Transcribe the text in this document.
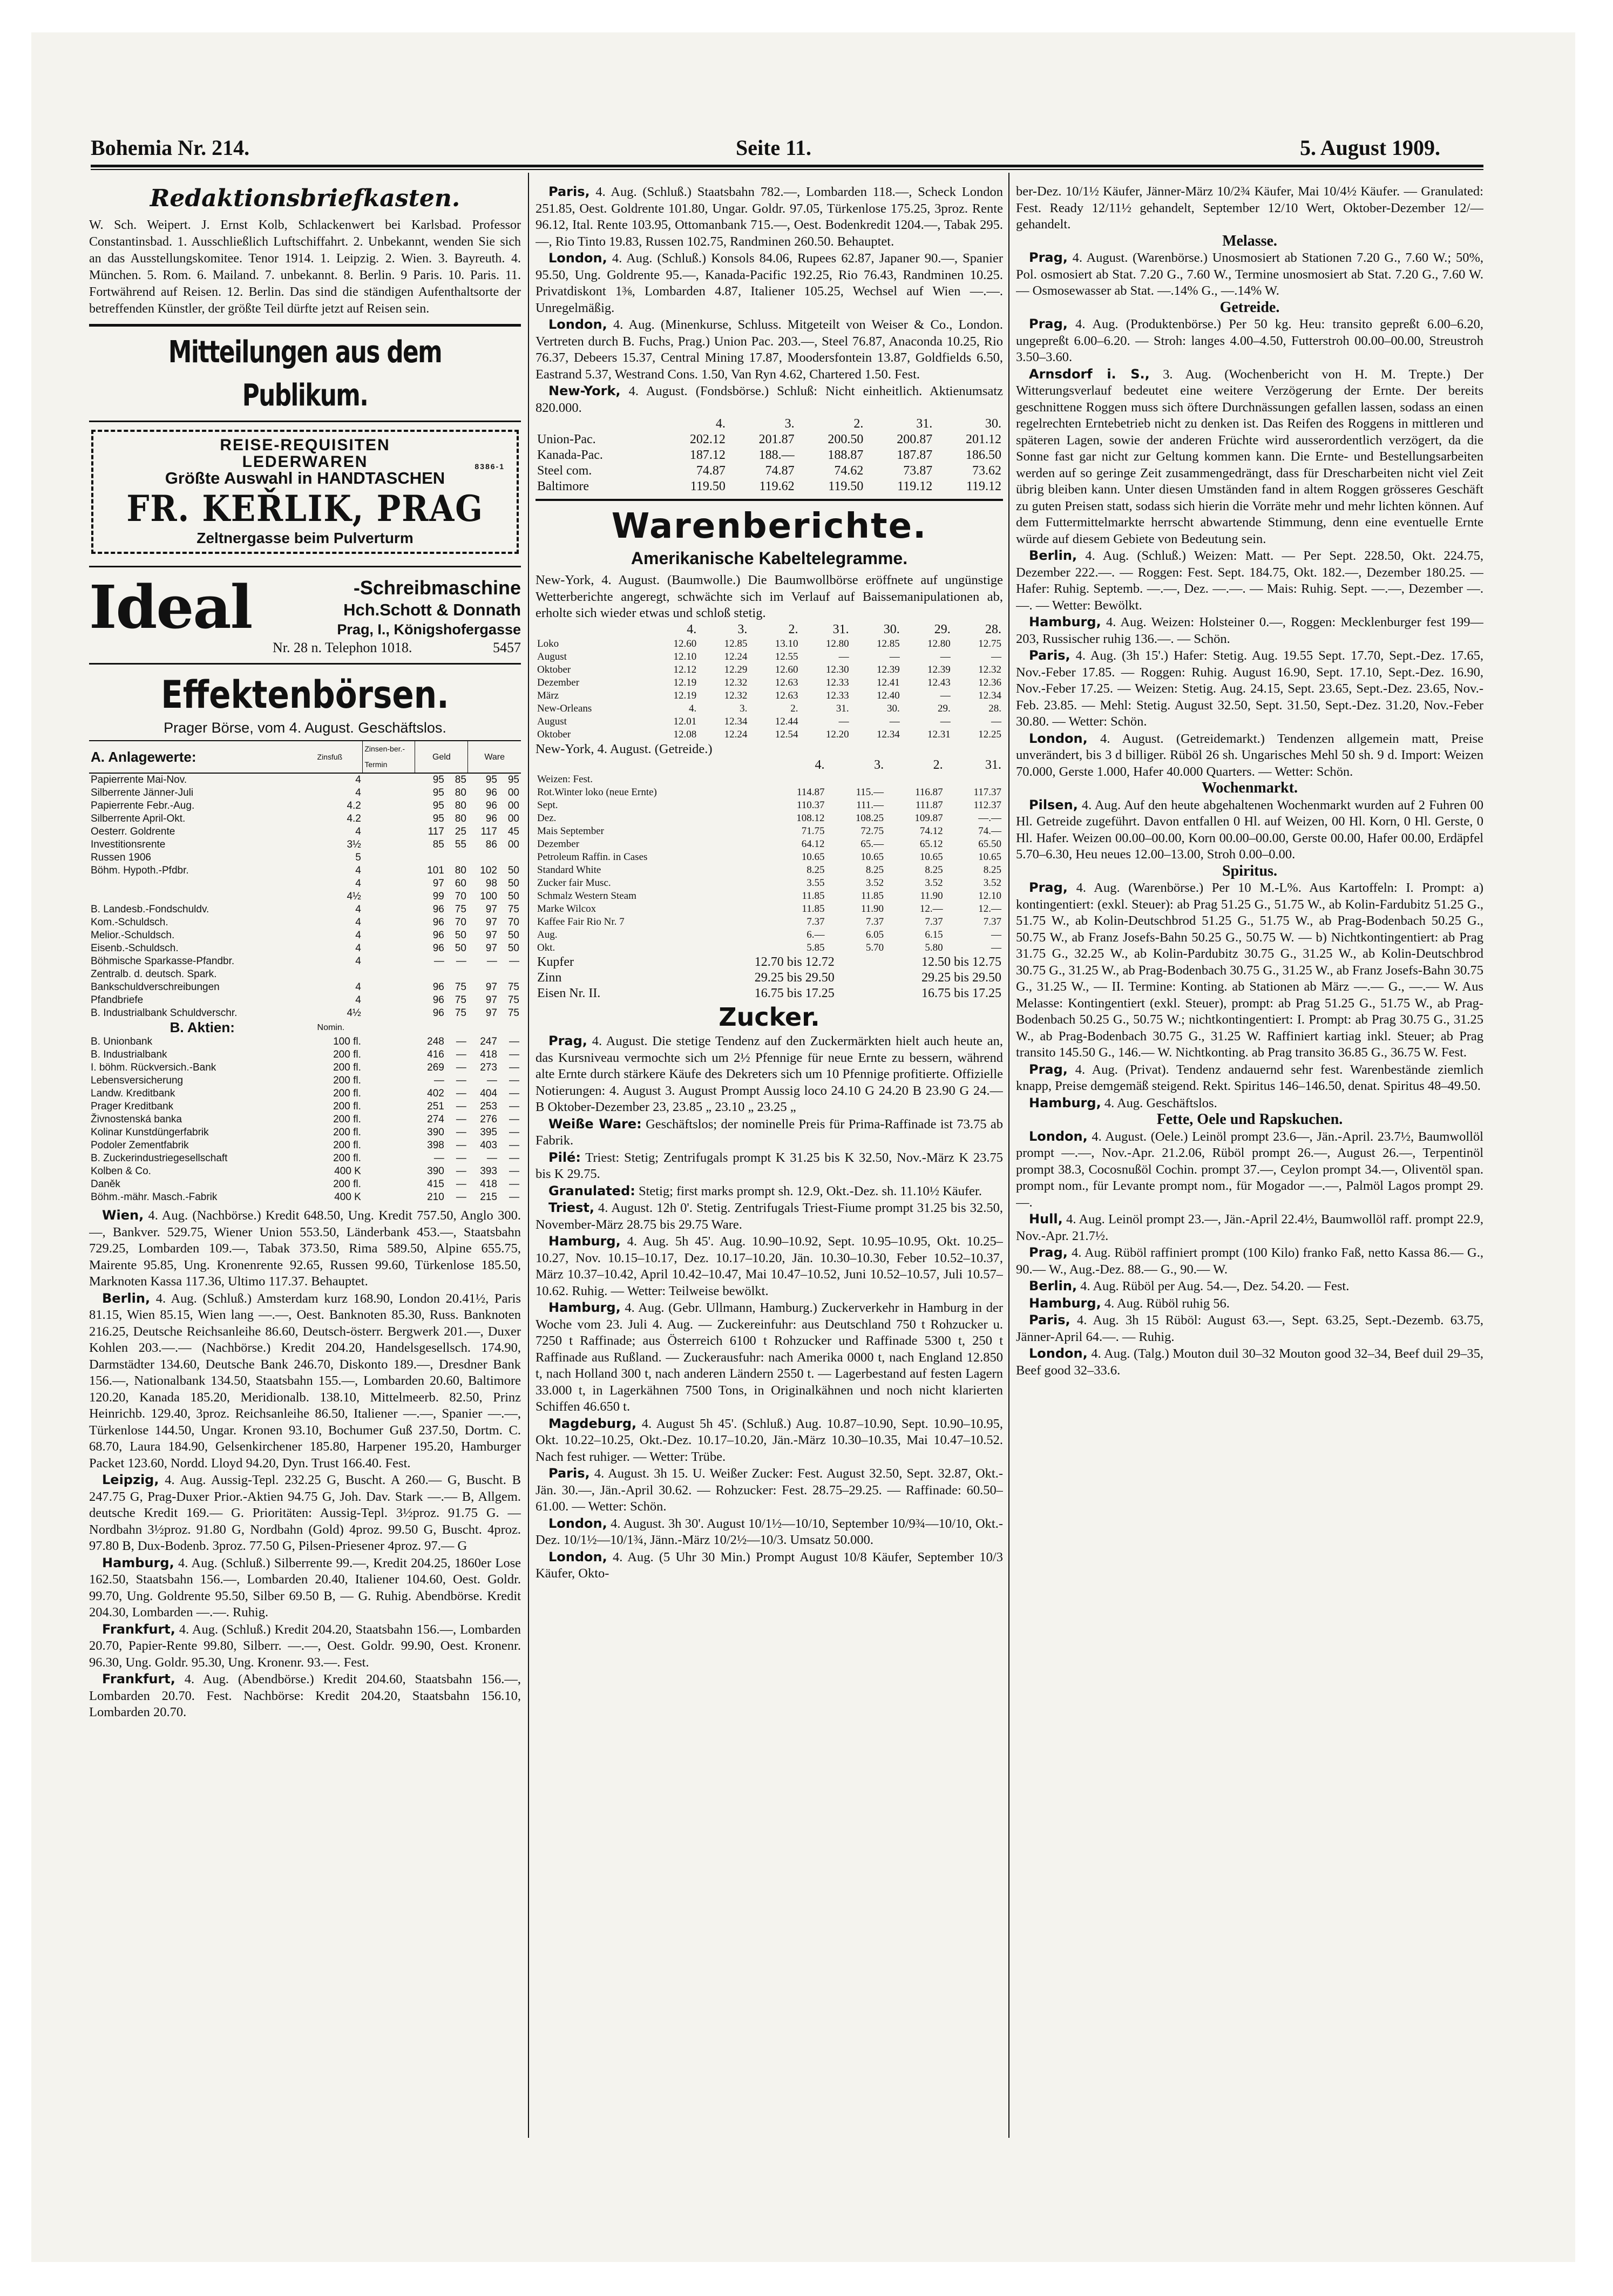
Bohemia Nr. 214.	Seite 11.	5. August 1909.
Redaktionsbriefkasten.

W. Sch. Weipert. J. Ernst Kolb, Schlackenwert bei Karlsbad. Professor Constantinsbad. 1. Ausschließlich Luftschiffahrt. 2. Unbekannt, wenden Sie sich an das Ausstellungskomitee. Tenor 1914. 1. Leipzig. 2. Wien. 3. Bayreuth. 4. München. 5. Rom. 6. Mailand. 7. unbekannt. 8. Berlin. 9 Paris. 10. Paris. 11. Fortwährend auf Reisen. 12. Berlin. Das sind die ständigen Aufenthaltsorte der betreffenden Künstler, der größte Teil dürfte jetzt auf Reisen sein.

Mitteilungen aus dem Publikum.
REISE-REQUISITEN
LEDERWAREN	8386-1
Größte Auswahl in HANDTASCHEN
FR. KEŘLIK, PRAG
Zeltnergasse beim Pulverturm
Ideal	-Schreibmaschine
Hch.Schott & Donnath
Prag, I., Königshofergasse
Nr. 28 n. Telephon 1018.	5457
Effektenbörsen.
Prager Börse, vom 4. August. Geschäftslos.
A. Anlagewerte:	Zinsfuß	Zinsen-ber.-Termin	Geld		Ware	
Papierrente Mai-Nov.	4		95	85	95	95
Silberrente Jänner-Juli	4		95	80	96	00
Papierrente Febr.-Aug.	4.2		95	80	96	00
Silberrente April-Okt.	4.2		95	80	96	00
Oesterr. Goldrente	4		117	25	117	45
Investitionsrente	3½		85	55	86	00
Russen 1906	5					
Böhm. Hypoth.-Pfdbr.	4		101	80	102	50
	4		97	60	98	50
	4½		99	70	100	50
B. Landesb.-Fondschuldv.	4		96	75	97	75
Kom.-Schuldsch.	4		96	70	97	70
Melior.-Schuldsch.	4		96	50	97	50
Eisenb.-Schuldsch.	4		96	50	97	50
Böhmische Sparkasse-Pfandbr.	4		—	—	—	—
Zentralb. d. deutsch. Spark.						
Bankschuldverschreibungen	4		96	75	97	75
Pfandbriefe	4		96	75	97	75
B. Industrialbank Schuldverschr.	4½		96	75	97	75
B. Aktien:	Nomin.					
B. Unionbank	100 fl.		248	—	247	—
B. Industrialbank	200 fl.		416	—	418	—
I. böhm. Rückversich.-Bank	200 fl.		269	—	273	—
Lebensversicherung	200 fl.		—	—	—	—
Landw. Kreditbank	200 fl.		402	—	404	—
Prager Kreditbank	200 fl.		251	—	253	—
Živnostenská banka	200 fl.		274	—	276	—
Kolinar Kunstdüngerfabrik	200 fl.		390	—	395	—
Podoler Zementfabrik	200 fl.		398	—	403	—
B. Zuckerindustriegesellschaft	200 fl.		—	—	—	—
Kolben & Co.	400 K		390	—	393	—
Daněk	200 fl.		415	—	418	—
Böhm.-mähr. Masch.-Fabrik	400 K		210	—	215	—

Wien, 4. Aug. (Nachbörse.) Kredit 648.50, Ung. Kredit 757.50, Anglo 300.—, Bankver. 529.75, Wiener Union 553.50, Länderbank 453.—, Staatsbahn 729.25, Lombarden 109.—, Tabak 373.50, Rima 589.50, Alpine 655.75, Mairente 95.85, Ung. Kronenrente 92.65, Russen 99.60, Türkenlose 185.50, Marknoten Kassa 117.36, Ultimo 117.37. Behauptet.

Berlin, 4. Aug. (Schluß.) Amsterdam kurz 168.90, London 20.41½, Paris 81.15, Wien 85.15, Wien lang —.—, Oest. Banknoten 85.30, Russ. Banknoten 216.25, Deutsche Reichsanleihe 86.60, Deutsch-österr. Bergwerk 201.—, Duxer Kohlen 203.—.— (Nachbörse.) Kredit 204.20, Handelsgesellsch. 174.90, Darmstädter 134.60, Deutsche Bank 246.70, Diskonto 189.—, Dresdner Bank 156.—, Nationalbank 134.50, Staatsbahn 155.—, Lombarden 20.60, Baltimore 120.20, Kanada 185.20, Meridionalb. 138.10, Mittelmeerb. 82.50, Prinz Heinrichb. 129.40, 3proz. Reichsanleihe 86.50, Italiener —.—, Spanier —.—, Türkenlose 144.50, Ungar. Kronen 93.10, Bochumer Guß 237.50, Dortm. C. 68.70, Laura 184.90, Gelsenkirchener 185.80, Harpener 195.20, Hamburger Packet 123.60, Nordd. Lloyd 94.20, Dyn. Trust 166.40. Fest.

Leipzig, 4. Aug. Aussig-Tepl. 232.25 G, Buscht. A 260.— G, Buscht. B 247.75 G, Prag-Duxer Prior.-Aktien 94.75 G, Joh. Dav. Stark —.— B, Allgem. deutsche Kredit 169.— G. Prioritäten: Aussig-Tepl. 3½proz. 91.75 G. — Nordbahn 3½proz. 91.80 G, Nordbahn (Gold) 4proz. 99.50 G, Buscht. 4proz. 97.80 B, Dux-Bodenb. 3proz. 77.50 G, Pilsen-Priesener 4proz. 97.— G

Hamburg, 4. Aug. (Schluß.) Silberrente 99.—, Kredit 204.25, 1860er Lose 162.50, Staatsbahn 156.—, Lombarden 20.40, Italiener 104.60, Oest. Goldr. 99.70, Ung. Goldrente 95.50, Silber 69.50 B, — G. Ruhig. Abendbörse. Kredit 204.30, Lombarden —.—. Ruhig.

Frankfurt, 4. Aug. (Schluß.) Kredit 204.20, Staatsbahn 156.—, Lombarden 20.70, Papier-Rente 99.80, Silberr. —.—, Oest. Goldr. 99.90, Oest. Kronenr. 96.30, Ung. Goldr. 95.30, Ung. Kronenr. 93.—. Fest.

Frankfurt, 4. Aug. (Abendbörse.) Kredit 204.60, Staatsbahn 156.—, Lombarden 20.70. Fest. Nachbörse: Kredit 204.20, Staatsbahn 156.10, Lombarden 20.70.

Paris, 4. Aug. (Schluß.) Staatsbahn 782.—, Lombarden 118.—, Scheck London 251.85, Oest. Goldrente 101.80, Ungar. Goldr. 97.05, Türkenlose 175.25, 3proz. Rente 96.12, Ital. Rente 103.95, Ottomanbank 715.—, Oest. Bodenkredit 1204.—, Tabak 295.—, Rio Tinto 19.83, Russen 102.75, Randminen 260.50. Behauptet.

London, 4. Aug. (Schluß.) Konsols 84.06, Rupees 62.87, Japaner 90.—, Spanier 95.50, Ung. Goldrente 95.—, Kanada-Pacific 192.25, Rio 76.43, Randminen 10.25. Privatdiskont 1⅜, Lombarden 4.87, Italiener 105.25, Wechsel auf Wien —.—. Unregelmäßig.

London, 4. Aug. (Minenkurse, Schluss. Mitgeteilt von Weiser & Co., London. Vertreten durch B. Fuchs, Prag.) Union Pac. 203.—, Steel 76.87, Anaconda 10.25, Rio 76.37, Debeers 15.37, Central Mining 17.87, Moodersfontein 13.87, Goldfields 6.50, Eastrand 5.37, Westrand Cons. 1.50, Van Ryn 4.62, Chartered 1.50. Fest.

New-York, 4. August. (Fondsbörse.) Schluß: Nicht einheitlich. Aktienumsatz 820.000.

	4.	3.	2.	31.	30.
Union-Pac.	202.12	201.87	200.50	200.87	201.12
Kanada-Pac.	187.12	188.—	188.87	187.87	186.50
Steel com.	74.87	74.87	74.62	73.87	73.62
Baltimore	119.50	119.62	119.50	119.12	119.12
Warenberichte.
Amerikanische Kabeltelegramme.

New-York, 4. August. (Baumwolle.) Die Baumwollbörse eröffnete auf ungünstige Wetterberichte angeregt, schwächte sich im Verlauf auf Baissemanipulationen ab, erholte sich wieder etwas und schloß stetig.

	4.	3.	2.	31.	30.	29.	28.
Loko	12.60	12.85	13.10	12.80	12.85	12.80	12.75
August	12.10	12.24	12.55	—	—	—	—
Oktober	12.12	12.29	12.60	12.30	12.39	12.39	12.32
Dezember	12.19	12.32	12.63	12.33	12.41	12.43	12.36
März	12.19	12.32	12.63	12.33	12.40	—	12.34
New-Orleans	4.	3.	2.	31.	30.	29.	28.
August	12.01	12.34	12.44	—	—	—	—
Oktober	12.08	12.24	12.54	12.20	12.34	12.31	12.25
New-York, 4. August. (Getreide.)
	4.	3.	2.	31.
Weizen: Fest.				
Rot.Winter loko (neue Ernte)	114.87	115.—	116.87	117.37
Sept.	110.37	111.—	111.87	112.37
Dez.	108.12	108.25	109.87	—.—
Mais September	71.75	72.75	74.12	74.—
Dezember	64.12	65.—	65.12	65.50
Petroleum Raffin. in Cases	10.65	10.65	10.65	10.65
Standard White	8.25	8.25	8.25	8.25
Zucker fair Musc.	3.55	3.52	3.52	3.52
Schmalz Western Steam	11.85	11.85	11.90	12.10
Marke Wilcox	11.85	11.90	12.—	12.—
Kaffee Fair Rio Nr. 7	7.37	7.37	7.37	7.37
Aug.	6.—	6.05	6.15	—
Okt.	5.85	5.70	5.80	—
Kupfer	12.70 bis 12.72	12.50 bis 12.75
Zinn	29.25 bis 29.50	29.25 bis 29.50
Eisen Nr. II.	16.75 bis 17.25	16.75 bis 17.25
Zucker.

Prag, 4. August. Die stetige Tendenz auf den Zuckermärkten hielt auch heute an, das Kursniveau vermochte sich um 2½ Pfennige für neue Ernte zu bessern, während alte Ernte durch stärkere Käufe des Dekreters sich um 10 Pfennige profitierte. Offizielle Notierungen: 4. August 3. August Prompt Aussig loco 24.10 G 24.20 B 23.90 G 24.— B Oktober-Dezember 23, 23.85 „ 23.10 „ 23.25 „

Weiße Ware: Geschäftslos; der nominelle Preis für Prima-Raffinade ist 73.75 ab Fabrik.

Pilé: Triest: Stetig; Zentrifugals prompt K 31.25 bis K 32.50, Nov.-März K 23.75 bis K 29.75.

Granulated: Stetig; first marks prompt sh. 12.9, Okt.-Dez. sh. 11.10½ Käufer.

Triest, 4. August. 12h 0'. Stetig. Zentrifugals Triest-Fiume prompt 31.25 bis 32.50, November-März 28.75 bis 29.75 Ware.

Hamburg, 4. Aug. 5h 45'. Aug. 10.90–10.92, Sept. 10.95–10.95, Okt. 10.25–10.27, Nov. 10.15–10.17, Dez. 10.17–10.20, Jän. 10.30–10.30, Feber 10.52–10.37, März 10.37–10.42, April 10.42–10.47, Mai 10.47–10.52, Juni 10.52–10.57, Juli 10.57–10.62. Ruhig. — Wetter: Teilweise bewölkt.

Hamburg, 4. Aug. (Gebr. Ullmann, Hamburg.) Zuckerverkehr in Hamburg in der Woche vom 23. Juli 4. Aug. — Zuckereinfuhr: aus Deutschland 750 t Rohzucker u. 7250 t Raffinade; aus Österreich 6100 t Rohzucker und Raffinade 5300 t, 250 t Raffinade aus Rußland. — Zuckerausfuhr: nach Amerika 0000 t, nach England 12.850 t, nach Holland 300 t, nach anderen Ländern 2550 t. — Lagerbestand auf festen Lagern 33.000 t, in Lagerkähnen 7500 Tons, in Originalkähnen und noch nicht klarierten Schiffen 46.650 t.

Magdeburg, 4. August 5h 45'. (Schluß.) Aug. 10.87–10.90, Sept. 10.90–10.95, Okt. 10.22–10.25, Okt.-Dez. 10.17–10.20, Jän.-März 10.30–10.35, Mai 10.47–10.52. Nach fest ruhiger. — Wetter: Trübe.

Paris, 4. August. 3h 15. U. Weißer Zucker: Fest. August 32.50, Sept. 32.87, Okt.-Jän. 30.—, Jän.-April 30.62. — Rohzucker: Fest. 28.75–29.25. — Raffinade: 60.50–61.00. — Wetter: Schön.

London, 4. August. 3h 30'. August 10/1½—10/10, September 10/9¾—10/10, Okt.-Dez. 10/1½—10/1¾, Jänn.-März 10/2½—10/3. Umsatz 50.000.

London, 4. Aug. (5 Uhr 30 Min.) Prompt August 10/8 Käufer, September 10/3 Käufer, Okto-

ber-Dez. 10/1½ Käufer, Jänner-März 10/2¾ Käufer, Mai 10/4½ Käufer. — Granulated: Fest. Ready 12/11½ gehandelt, September 12/10 Wert, Oktober-Dezember 12/— gehandelt.

Melasse.

Prag, 4. August. (Warenbörse.) Unosmosiert ab Stationen 7.20 G., 7.60 W.; 50%, Pol. osmosiert ab Stat. 7.20 G., 7.60 W., Termine unosmosiert ab Stat. 7.20 G., 7.60 W. — Osmosewasser ab Stat. —.14% G., —.14% W.

Getreide.

Prag, 4. Aug. (Produktenbörse.) Per 50 kg. Heu: transito gepreßt 6.00–6.20, ungepreßt 6.00–6.20. — Stroh: langes 4.00–4.50, Futterstroh 00.00–00.00, Streustroh 3.50–3.60.

Arnsdorf i. S., 3. Aug. (Wochenbericht von H. M. Trepte.) Der Witterungsverlauf bedeutet eine weitere Verzögerung der Ernte. Der bereits geschnittene Roggen muss sich öftere Durchnässungen gefallen lassen, sodass an einen regelrechten Erntebetrieb nicht zu denken ist. Das Reifen des Roggens in mittleren und späteren Lagen, sowie der anderen Früchte wird ausserordentlich verzögert, da die Sonne fast gar nicht zur Geltung kommen kann. Die Ernte- und Bestellungsarbeiten werden auf so geringe Zeit zusammengedrängt, dass für Drescharbeiten nicht viel Zeit übrig bleiben kann. Unter diesen Umständen fand in altem Roggen grösseres Geschäft zu guten Preisen statt, sodass sich hierin die Vorräte mehr und mehr lichten können. Auf dem Futtermittelmarkte herrscht abwartende Stimmung, denn eine eventuelle Ernte würde auf diesem Gebiete von Bedeutung sein.

Berlin, 4. Aug. (Schluß.) Weizen: Matt. — Per Sept. 228.50, Okt. 224.75, Dezember 222.—. — Roggen: Fest. Sept. 184.75, Okt. 182.—, Dezember 180.25. — Hafer: Ruhig. Septemb. —.—, Dez. —.—. — Mais: Ruhig. Sept. —.—, Dezember —.—. — Wetter: Bewölkt.

Hamburg, 4. Aug. Weizen: Holsteiner 0.—, Roggen: Mecklenburger fest 199—203, Russischer ruhig 136.—. — Schön.

Paris, 4. Aug. (3h 15'.) Hafer: Stetig. Aug. 19.55 Sept. 17.70, Sept.-Dez. 17.65, Nov.-Feber 17.85. — Roggen: Ruhig. August 16.90, Sept. 17.10, Sept.-Dez. 16.90, Nov.-Feber 17.25. — Weizen: Stetig. Aug. 24.15, Sept. 23.65, Sept.-Dez. 23.65, Nov.-Feb. 23.85. — Mehl: Stetig. August 32.50, Sept. 31.50, Sept.-Dez. 31.20, Nov.-Feber 30.80. — Wetter: Schön.

London, 4. August. (Getreidemarkt.) Tendenzen allgemein matt, Preise unverändert, bis 3 d billiger. Rüböl 26 sh. Ungarisches Mehl 50 sh. 9 d. Import: Weizen 70.000, Gerste 1.000, Hafer 40.000 Quarters. — Wetter: Schön.

Wochenmarkt.

Pilsen, 4. Aug. Auf den heute abgehaltenen Wochenmarkt wurden auf 2 Fuhren 00 Hl. Getreide zugeführt. Davon entfallen 0 Hl. auf Weizen, 00 Hl. Korn, 0 Hl. Gerste, 0 Hl. Hafer. Weizen 00.00–00.00, Korn 00.00–00.00, Gerste 00.00, Hafer 00.00, Erdäpfel 5.70–6.30, Heu neues 12.00–13.00, Stroh 0.00–0.00.

Spiritus.

Prag, 4. Aug. (Warenbörse.) Per 10 M.-L%. Aus Kartoffeln: I. Prompt: a) kontingentiert: (exkl. Steuer): ab Prag 51.25 G., 51.75 W., ab Kolin-Fardubitz 51.25 G., 51.75 W., ab Kolin-Deutschbrod 51.25 G., 51.75 W., ab Prag-Bodenbach 50.25 G., 50.75 W., ab Franz Josefs-Bahn 50.25 G., 50.75 W. — b) Nichtkontingentiert: ab Prag 31.75 G., 32.25 W., ab Kolin-Pardubitz 30.75 G., 31.25 W., ab Kolin-Deutschbrod 30.75 G., 31.25 W., ab Prag-Bodenbach 30.75 G., 31.25 W., ab Franz Josefs-Bahn 30.75 G., 31.25 W., — II. Termine: Konting. ab Stationen ab März —.— G., —.— W. Aus Melasse: Kontingentiert (exkl. Steuer), prompt: ab Prag 51.25 G., 51.75 W., ab Prag-Bodenbach 50.25 G., 50.75 W.; nichtkontingentiert: I. Prompt: ab Prag 30.75 G., 31.25 W., ab Prag-Bodenbach 30.75 G., 31.25 W. Raffiniert kartiag inkl. Steuer; ab Prag transito 145.50 G., 146.— W. Nichtkonting. ab Prag transito 36.85 G., 36.75 W. Fest.

Prag, 4. Aug. (Privat). Tendenz andauernd sehr fest. Warenbestände ziemlich knapp, Preise demgemäß steigend. Rekt. Spiritus 146–146.50, denat. Spiritus 48–49.50.

Hamburg, 4. Aug. Geschäftslos.

Fette, Oele und Rapskuchen.

London, 4. August. (Oele.) Leinöl prompt 23.6—, Jän.-April. 23.7½, Baumwollöl prompt —.—, Nov.-Apr. 21.2.06, Rüböl prompt 26.—, August 26.—, Terpentinöl prompt 38.3, Cocosnußöl Cochin. prompt 37.—, Ceylon prompt 34.—, Oliventöl span. prompt nom., für Levante prompt nom., für Mogador —.—, Palmöl Lagos prompt 29.—.

Hull, 4. Aug. Leinöl prompt 23.—, Jän.-April 22.4½, Baumwollöl raff. prompt 22.9, Nov.-Apr. 21.7½.

Prag, 4. Aug. Rüböl raffiniert prompt (100 Kilo) franko Faß, netto Kassa 86.— G., 90.— W., Aug.-Dez. 88.— G., 90.— W.

Berlin, 4. Aug. Rüböl per Aug. 54.—, Dez. 54.20. — Fest.

Hamburg, 4. Aug. Rüböl ruhig 56.

Paris, 4. Aug. 3h 15 Rüböl: August 63.—, Sept. 63.25, Sept.-Dezemb. 63.75, Jänner-April 64.—. — Ruhig.

London, 4. Aug. (Talg.) Mouton duil 30–32 Mouton good 32–34, Beef duil 29–35, Beef good 32–33.6.
